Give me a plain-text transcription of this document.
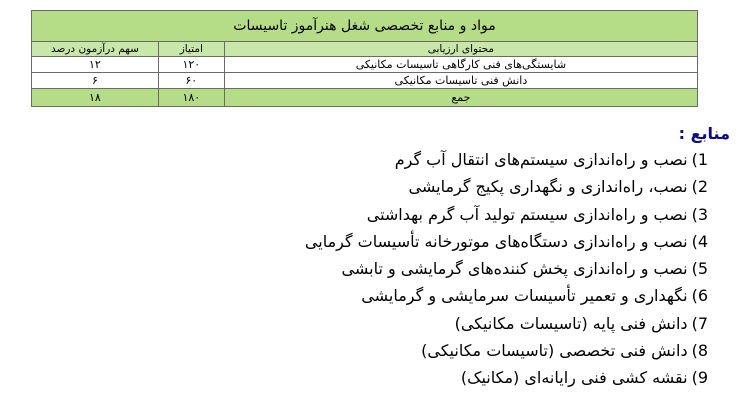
مواد و منابع تخصصی شغل هنرآموز تاسیسات		
محتوای ارزیابی	امتیاز	سهم درآزمون درصد
شایستگی‌های فنی کارگاهی تاسیسات مکانیکی	۱۲۰	۱۲
دانش فنی تاسیسات مکانیکی	۶۰	۶
جمع	۱۸۰	۱۸
منابع :
1)نصب و راه‌اندازی سیستم‌های انتقال آب گرم
2)نصب، راه‌اندازی و نگهداری پکیج گرمایشی
3)نصب و راه‌اندازی سیستم تولید آب گرم بهداشتی
4)نصب و راه‌اندازی دستگاه‌های موتورخانه تأسیسات گرمایی
5)نصب و راه‌اندازی پخش کننده‌های گرمایشی و تابشی
6)نگهداری و تعمیر تأسیسات سرمایشی و گرمایشی
7)دانش فنی پایه (تاسیسات مکانیکی)
8)دانش فنی تخصصی (تاسیسات مکانیکی)
9)نقشه کشی فنی رایانه‌ای (مکانیک)
